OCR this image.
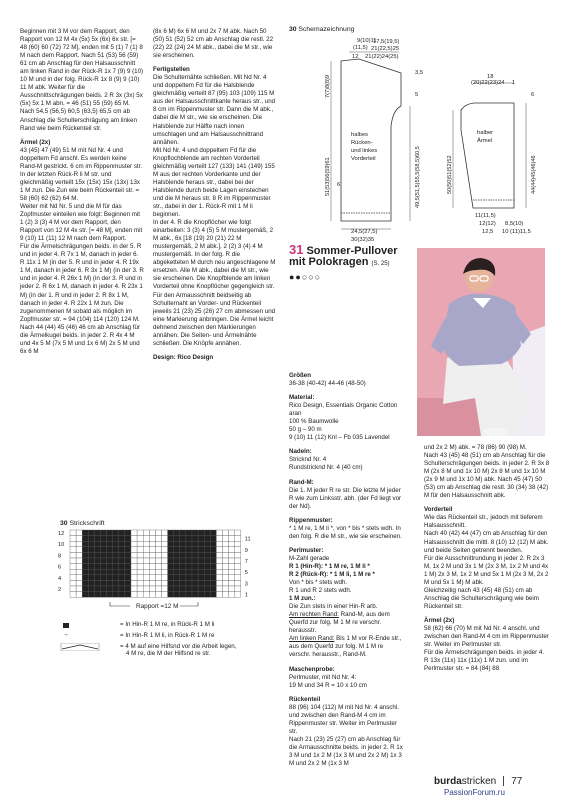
Beginnen mit 3 M vor dem Rapport, den Rapport von 12 M 4x (5x) 5x (6x) 6x str. [= 48 (60) 60 (72) 72 M], enden mit 5 (1) 7 (1) 8 M nach dem Rapport. Nach 51 (53) 56 (59) 61 cm ab Anschlag für den Halsausschnitt am linken Rand in der Rück-R 1x 7 (9) 9 (10) 10 M und in der folg. Rück-R 1x 8 (9) 9 (10) 11 M abk. Weiter für die Ausschnittschrägungen beids. 2 R 3x (3x) 5x (5x) 5x 1 M abn. = 46 (51) 55 (59) 65 M.

Nach 54,5 (56,5) 60,5 (63,5) 65,5 cm ab Anschlag die Schulterschrägung am linken Rand wie beim Rückenteil str.

Ärmel (2x)

43 (45) 47 (49) 51 M mit Nd Nr. 4 und doppeltem Fd anschl. Es werden keine Rand-M gestrickt. 6 cm im Rippenmuster str. In der letzten Rück-R li M str. und gleichmäßig verteilt 15x (15x) 15x (13x) 13x 1 M zun. Die Zun wie beim Rückenteil str. = 58 (60) 62 (62) 64 M.

Weiter mit Nd Nr. 5 und die M für das Zopfmuster einteilen wie folgt: Beginnen mit 1 (2) 3 (3) 4 M vor dem Rapport, den Rapport von 12 M 4x str. [= 48 M], enden mit 9 (10) 11 (11) 12 M nach dem Rapport.

Für die Ärmelschrägungen beids. in der 5. R und in jeder 4. R 7x 1 M, danach in jeder 6. R 11x 1 M (in der 5. R und in jeder 4. R 19x 1 M, danach in jeder 6. R 3x 1 M) (in der 3. R und in jeder 4. R 26x 1 M) (in der 3. R und in jeder 2. R 6x 1 M, danach in jeder 4. R 23x 1 M) (in der 1. R und in jeder 2. R 8x 1 M, danach in jeder 4. R 22x 1 M zun. Die zugenommenen M sobald als möglich im Zopfmuster str. = 94 (104) 114 (120) 124 M.

Nach 44 (44) 45 (46) 46 cm ab Anschlag für die Ärmelkugel beids. in jeder 2. R 4x 4 M und 4x 5 M (7x 5 M und 1x 6 M) 2x 5 M und 6x 6 M

(8x 6 M) 6x 6 M und 2x 7 M abk. Nach 50 (50) 51 (52) 52 cm ab Anschlag die restl. 22 (22) 22 (24) 24 M abk., dabei die M str., wie sie erscheinen.

Fertigstellen

Die Schulternähte schließen. Mit Nd Nr. 4 und doppeltem Fd für die Halsblende gleichmäßig verteilt 87 (95) 103 (109) 115 M aus der Halsausschnittkante heraus str., und 8 cm im Rippenmuster str. Dann die M abk., dabei die M str., wie sie erscheinen. Die Halsblende zur Hälfte nach innen umschlagen und am Halsausschnittrand annähen.

Mit Nd Nr. 4 und doppeltem Fd für die Knopflochblende am rechten Vorderteil gleichmäßig verteilt 127 (133) 141 (149) 155 M aus der rechten Vorderkante und der Halsblende heraus str., dabei bei der Halsblende durch beide Lagen einstechen und die M heraus str. 8 R im Rippenmuster str., dabei in der 1. Rück-R mit 1 M li beginnen.

In der 4. R die Knopflöcher wie folgt einarbeiten: 3 (3) 4 (5) 5 M mustergemäß, 2 M abk., 6x [18 (19) 20 (21) 22 M mustergemäß, 2 M abk.], 2 (2) 3 (4) 4 M mustergemäß. In der folg. R die abgeketteten M durch neu angeschlagene M ersetzen. Alle M abk., dabei die M str., wie sie erscheinen. Die Knopfblende am linken Vorderteil ohne Knopflöcher gegengleich str. Für den Armausschnitt beidseitig ab Schulternaht an Vorder- und Rückenteil jeweils 21 (23) 25 (26) 27 cm abmessen und eine Markierung anbringen. Die Ärmel leicht dehnend zwischen den Markierungen annähen. Die Seiten- und Ärmelnähte schließen. Die Knöpfe annähen.

Design: Rico Design

30 Schemazeichnung
9(10)11
(11,5)
17,5(19,5)
21(22,5)25
12 21(22)24(25)
halbes
Rücken-
und linkes
Vorderteil
24,5(27,5)
30(32)35
6
18
(20)22(23)24 1
halber
Ärmel
11(11,5)
12(12)
12,5
8,5(10)
10 (11)11,5
3,5
5	6
7(7)8(8)9
51(53)56(59)61	49,5(51,5)55,5(58,5)60,5	50(50)51(52)52	44(44)45(46)46
31 Sommer-Pullover
mit Polokragen (S. 25)
●●○○○

Größen

36-38 (40-42) 44-46 (48-50)

Material:

Rico Design, Essentials Organic Cotton aran

100 % Baumwolle

50 g – 90 m

9 (10) 11 (12) Knl – Fb 035 Lavendel

Nadeln:

Stricknd Nr. 4

Rundstricknd Nr. 4 (40 cm)

Rand-M:

Die 1. M jeder R re str. Die letzte M jeder R wie zum Linksstr. abh. (der Fd liegt vor der Nd).

Rippenmuster:

* 1 M re, 1 M li *, von * bis * stets wdh. In den folg. R die M str., wie sie erscheinen.

Perlmuster:

M-Zahl gerade

R 1 (Hin-R): * 1 M re, 1 M li *

R 2 (Rück-R): * 1 M li, 1 M re *

Von * bis * stets wdh.

R 1 und R 2 stets wdh.

1 M zun.:

Die Zun stets in einer Hin-R arb.

Am rechten Rand: Rand-M, aus dem Querfd zur folg. M 1 M re verschr. herausstr.

Am linken Rand: Bis 1 M vor R-Ende str., aus dem Querfd zur folg. M 1 M re verschr. herausstr., Rand-M.

Maschenprobe:

Perlmuster, mit Nd Nr. 4:

19 M und 34 R = 10 x 10 cm

Rückenteil

88 (96) 104 (112) M mit Nd Nr. 4 anschl. und zwischen den Rand-M 4 cm im Rippenmuster str. Weiter im Perlmuster str.

Nach 21 (23) 25 (27) cm ab Anschlag für die Armausschnitte beids. in jeder 2. R 1x 3 M und 1x 2 M (1x 3 M und 2x 2 M) 1x 3 M und 2x 2 M (1x 3 M

und 2x 2 M) abk. = 78 (86) 90 (98) M.

Nach 43 (45) 48 (51) cm ab Anschlag für die Schulterschrägungen beids. in jeder 2. R 3x 8 M (2x 8 M und 1x 10 M) 2x 8 M und 1x 10 M (2x 9 M und 1x 10 M) abk. Nach 45 (47) 50 (53) cm ab Anschlag die restl. 30 (34) 38 (42) M für den Halsausschnitt abk.

Vorderteil

Wie das Rückenteil str., jedoch mit tieferem Halsausschnitt.

Nach 40 (42) 44 (47) cm ab Anschlag für den Halsausschnitt die mittl. 8 (10) 12 (12) M abk. und beide Seiten getrennt beenden.

Für die Ausschnittrundung in jeder 2. R 2x 3 M, 1x 2 M und 3x 1 M (2x 3 M, 1x 2 M und 4x 1 M) 2x 3 M, 1x 2 M und 5x 1 M (2x 3 M, 2x 2 M und 5x 1 M) M abk.

Gleichzeitig nach 43 (45) 48 (51) cm ab Anschlag die Schulterschrägung wie beim Rückenteil str.

Ärmel (2x)

58 (62) 66 (70) M mit Nd Nr. 4 anschl. und zwischen den Rand-M 4 cm im Rippenmuster str. Weiter im Perlmuster str.

Für die Ärmelschrägungen beids. in jeder 4. R 13x (11x) 11x (11x) 1 M zun. und im Perlmuster str. = 84 (84) 88

30 Strickschrift
12
10
8
6
4
2
11
9
7
5
3
1
Rapport =12 M
= In Hin-R 1 M re, in Rück-R 1 M li
−	= In Hin-R 1 M li, in Rück-R 1 M re
= 4 M auf eine Hilfsnd vor die Arbeit legen,
4 M re, die M der Hilfsnd re str.
burdastricken 77
PassionForum.ru
